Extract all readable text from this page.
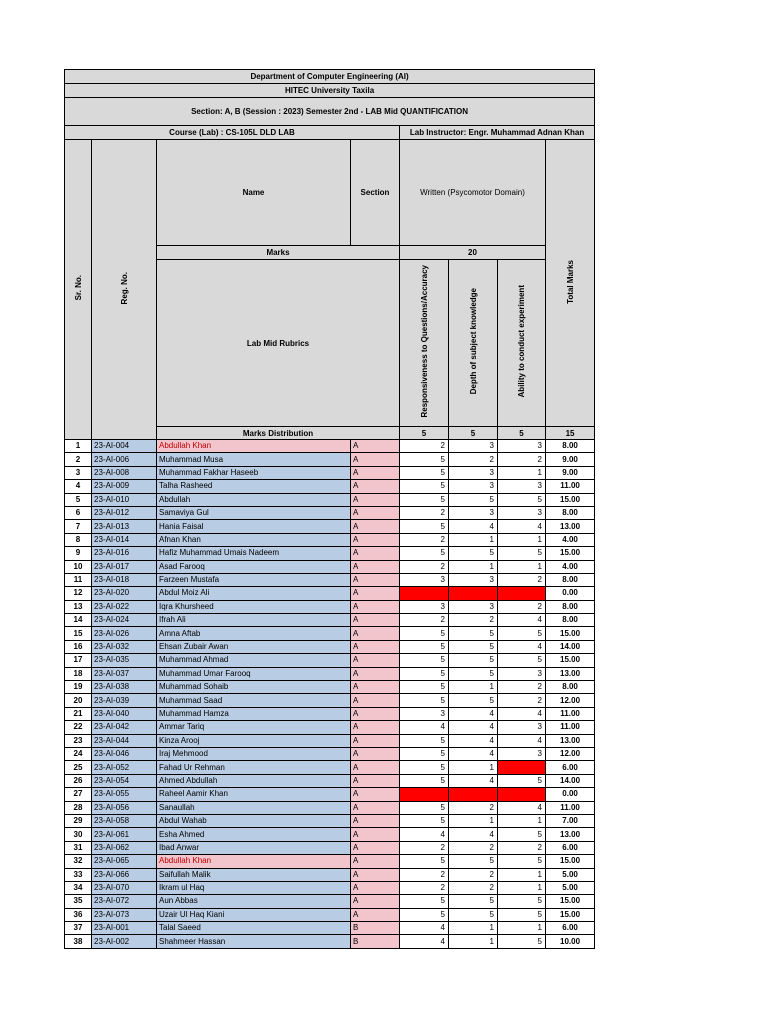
Department of Computer Engineering (AI)							
HITEC University Taxila							
Section: A, B (Session : 2023) Semester 2nd - LAB Mid QUANTIFICATION							
Course (Lab) : CS-105L DLD LAB				Lab Instructor: Engr. Muhammad Adnan Khan			
Sr. No.	Reg. No.	Name	Section	Written (Psycomotor Domain)			Total Marks
		Marks		20			
		Lab Mid Rubrics		Responsiveness to Questions/Accuracy	Depth of subject knowledge	Ability to conduct experiment	
		Marks Distribution		5	5	5	15
1	23-AI-004	Abdullah Khan	A	2	3	3	8.00
2	23-AI-006	Muhammad Musa	A	5	2	2	9.00
3	23-AI-008	Muhammad Fakhar Haseeb	A	5	3	1	9.00
4	23-AI-009	Talha Rasheed	A	5	3	3	11.00
5	23-AI-010	Abdullah	A	5	5	5	15.00
6	23-AI-012	Samaviya Gul	A	2	3	3	8.00
7	23-AI-013	Hania Faisal	A	5	4	4	13.00
8	23-AI-014	Afnan Khan	A	2	1	1	4.00
9	23-AI-016	Hafiz Muhammad Umais Nadeem	A	5	5	5	15.00
10	23-AI-017	Asad Farooq	A	2	1	1	4.00
11	23-AI-018	Farzeen Mustafa	A	3	3	2	8.00
12	23-AI-020	Abdul Moiz Ali	A				0.00
13	23-AI-022	Iqra Khursheed	A	3	3	2	8.00
14	23-AI-024	Ifrah Ali	A	2	2	4	8.00
15	23-AI-026	Amna Aftab	A	5	5	5	15.00
16	23-AI-032	Ehsan Zubair Awan	A	5	5	4	14.00
17	23-AI-035	Muhammad Ahmad	A	5	5	5	15.00
18	23-AI-037	Muhammad Umar Farooq	A	5	5	3	13.00
19	23-AI-038	Muhammad Sohaib	A	5	1	2	8.00
20	23-AI-039	Muhammad Saad	A	5	5	2	12.00
21	23-AI-040	Muhammad Hamza	A	3	4	4	11.00
22	23-AI-042	Ammar Tariq	A	4	4	3	11.00
23	23-AI-044	Kinza Arooj	A	5	4	4	13.00
24	23-AI-046	Iraj Mehmood	A	5	4	3	12.00
25	23-AI-052	Fahad Ur Rehman	A	5	1		6.00
26	23-AI-054	Ahmed Abdullah	A	5	4	5	14.00
27	23-AI-055	Raheel Aamir Khan	A				0.00
28	23-AI-056	Sanaullah	A	5	2	4	11.00
29	23-AI-058	Abdul Wahab	A	5	1	1	7.00
30	23-AI-061	Esha Ahmed	A	4	4	5	13.00
31	23-AI-062	Ibad Anwar	A	2	2	2	6.00
32	23-AI-065	Abdullah Khan	A	5	5	5	15.00
33	23-AI-066	Saifullah Malik	A	2	2	1	5.00
34	23-AI-070	Ikram ul Haq	A	2	2	1	5.00
35	23-AI-072	Aun Abbas	A	5	5	5	15.00
36	23-AI-073	Uzair Ul Haq Kiani	A	5	5	5	15.00
37	23-AI-001	Talal Saeed	B	4	1	1	6.00
38	23-AI-002	Shahmeer Hassan	B	4	1	5	10.00
